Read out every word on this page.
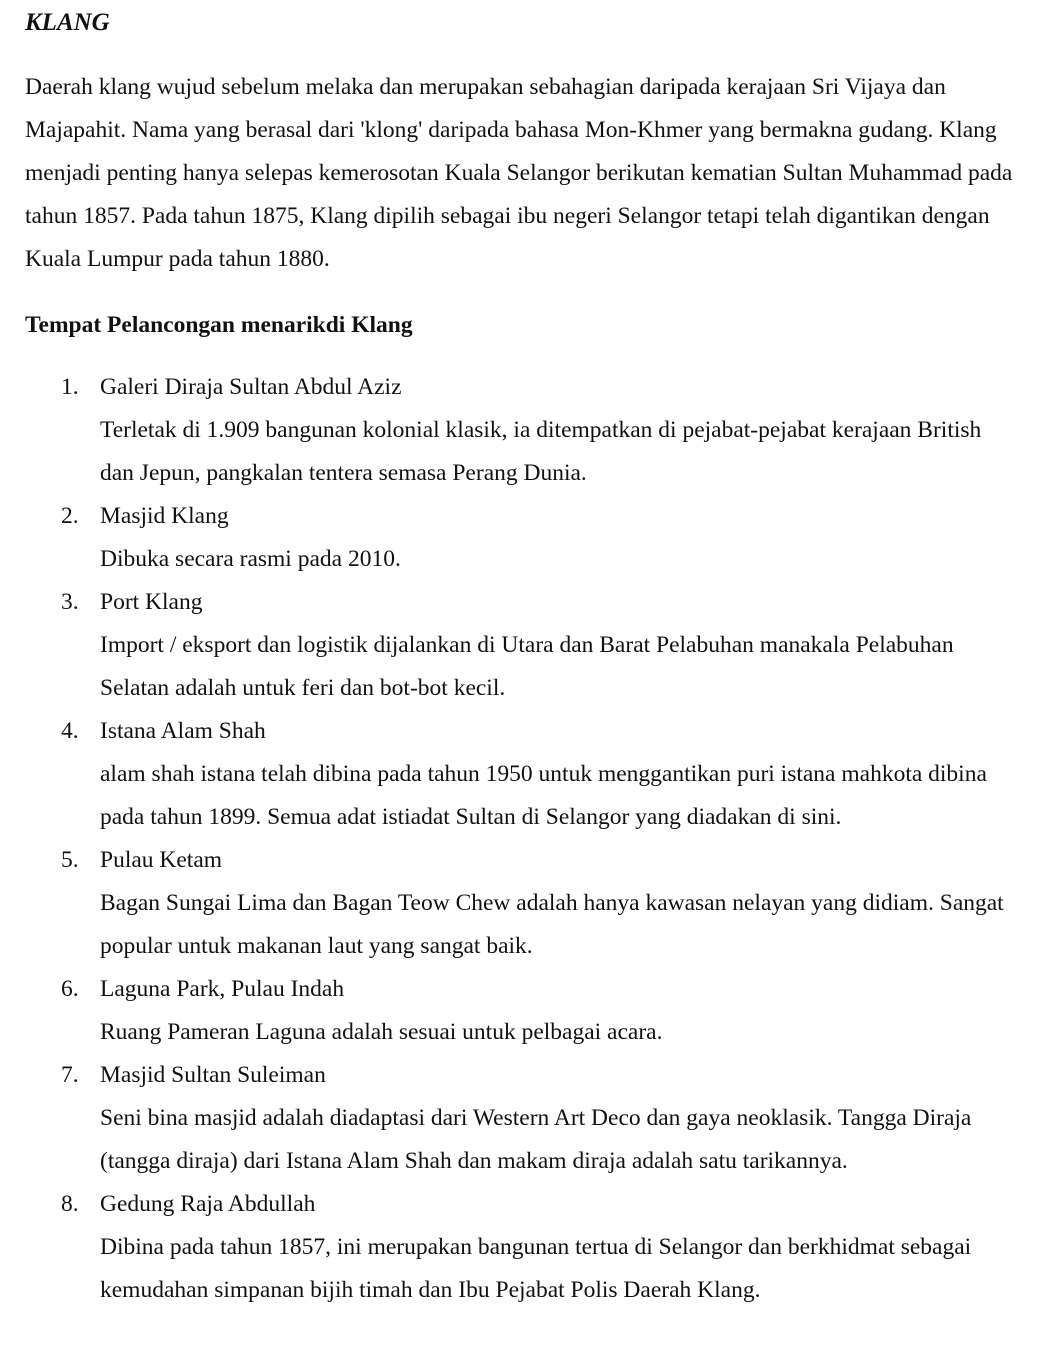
KLANG

Daerah klang wujud sebelum melaka dan merupakan sebahagian daripada kerajaan Sri Vijaya dan Majapahit. Nama yang berasal dari 'klong' daripada bahasa Mon-Khmer yang bermakna gudang. Klang menjadi penting hanya selepas kemerosotan Kuala Selangor berikutan kematian Sultan Muhammad pada tahun 1857. Pada tahun 1875, Klang dipilih sebagai ibu negeri Selangor tetapi telah digantikan dengan Kuala Lumpur pada tahun 1880.

Tempat Pelancongan menarikdi Klang
1. Galeri Diraja Sultan Abdul Aziz
Terletak di 1.909 bangunan kolonial klasik, ia ditempatkan di pejabat-pejabat kerajaan British dan Jepun, pangkalan tentera semasa Perang Dunia.
2. Masjid Klang
Dibuka secara rasmi pada 2010.
3. Port Klang
Import / eksport dan logistik dijalankan di Utara dan Barat Pelabuhan manakala Pelabuhan Selatan adalah untuk feri dan bot-bot kecil.
4. Istana Alam Shah
alam shah istana telah dibina pada tahun 1950 untuk menggantikan puri istana mahkota dibina pada tahun 1899. Semua adat istiadat Sultan di Selangor yang diadakan di sini.
5. Pulau Ketam
Bagan Sungai Lima dan Bagan Teow Chew adalah hanya kawasan nelayan yang didiam. Sangat popular untuk makanan laut yang sangat baik.
6. Laguna Park, Pulau Indah
Ruang Pameran Laguna adalah sesuai untuk pelbagai acara.
7. Masjid Sultan Suleiman
Seni bina masjid adalah diadaptasi dari Western Art Deco dan gaya neoklasik. Tangga Diraja (tangga diraja) dari Istana Alam Shah dan makam diraja adalah satu tarikannya.
8. Gedung Raja Abdullah
Dibina pada tahun 1857, ini merupakan bangunan tertua di Selangor dan berkhidmat sebagai kemudahan simpanan bijih timah dan Ibu Pejabat Polis Daerah Klang.
